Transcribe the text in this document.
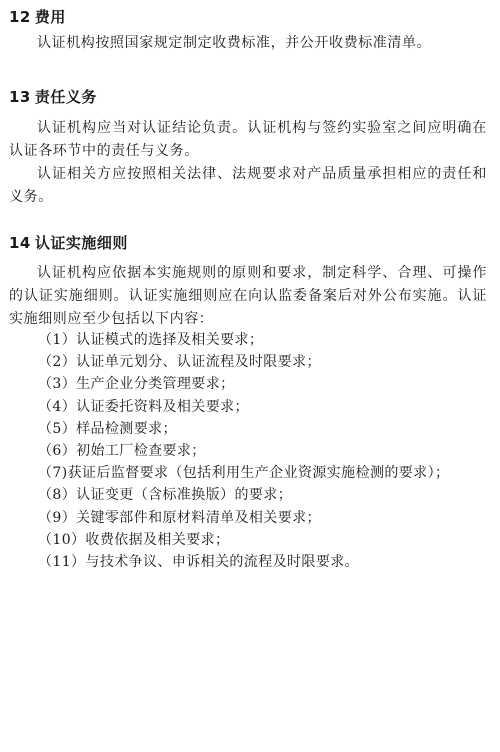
12 费用
认证机构按照国家规定制定收费标准，并公开收费标准清单。
13 责任义务
认证机构应当对认证结论负责。认证机构与签约实验室之间应明确在认证各环节中的责任与义务。
认证相关方应按照相关法律、法规要求对产品质量承担相应的责任和义务。
14 认证实施细则
认证机构应依据本实施规则的原则和要求，制定科学、合理、可操作的认证实施细则。认证实施细则应在向认监委备案后对外公布实施。认证实施细则应至少包括以下内容：
（1）认证模式的选择及相关要求；
（2）认证单元划分、认证流程及时限要求；
（3）生产企业分类管理要求；
（4）认证委托资料及相关要求；
（5）样品检测要求；
（6）初始工厂检查要求；
（7)获证后监督要求（包括利用生产企业资源实施检测的要求）；
（8）认证变更（含标准换版）的要求；
（9）关键零部件和原材料清单及相关要求；
（10）收费依据及相关要求；
（11）与技术争议、申诉相关的流程及时限要求。
